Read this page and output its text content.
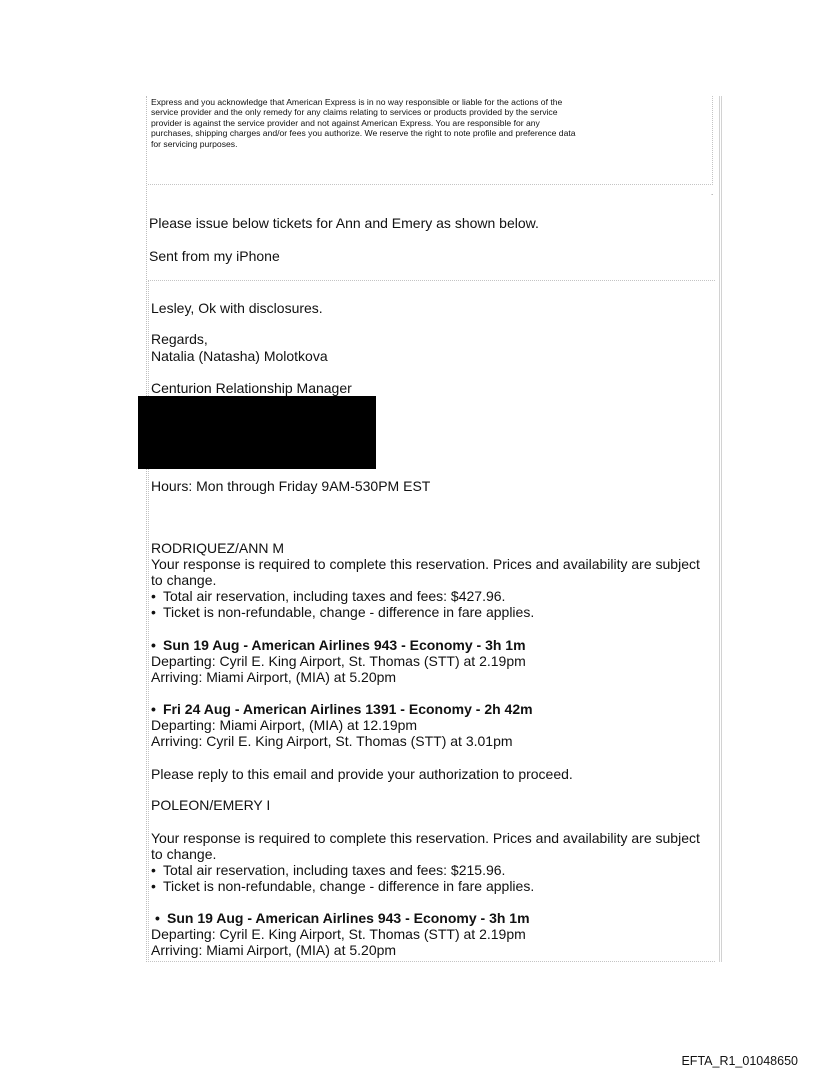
Express and you acknowledge that American Express is in no way responsible or liable for the actions of the
service provider and the only remedy for any claims relating to services or products provided by the service
provider is against the service provider and not against American Express. You are responsible for any
purchases, shipping charges and/or fees you authorize. We reserve the right to note profile and preference data
for servicing purposes.
.
Please issue below tickets for Ann and Emery as shown below.
Sent from my iPhone
Lesley, Ok with disclosures.
Regards,
Natalia (Natasha) Molotkova
Centurion Relationship Manager
Hours: Mon through Friday 9AM-530PM EST
RODRIQUEZ/ANN M
Your response is required to complete this reservation. Prices and availability are subject
to change.
• Total air reservation, including taxes and fees: $427.96.
• Ticket is non-refundable, change - difference in fare applies.
• Sun 19 Aug - American Airlines 943 - Economy - 3h 1m
Departing: Cyril E. King Airport, St. Thomas (STT) at 2.19pm
Arriving: Miami Airport, (MIA) at 5.20pm
• Fri 24 Aug - American Airlines 1391 - Economy - 2h 42m
Departing: Miami Airport, (MIA) at 12.19pm
Arriving: Cyril E. King Airport, St. Thomas (STT) at 3.01pm
Please reply to this email and provide your authorization to proceed.
POLEON/EMERY I
Your response is required to complete this reservation. Prices and availability are subject
to change.
• Total air reservation, including taxes and fees: $215.96.
• Ticket is non-refundable, change - difference in fare applies.
• Sun 19 Aug - American Airlines 943 - Economy - 3h 1m
Departing: Cyril E. King Airport, St. Thomas (STT) at 2.19pm
Arriving: Miami Airport, (MIA) at 5.20pm
EFTA_R1_01048650
